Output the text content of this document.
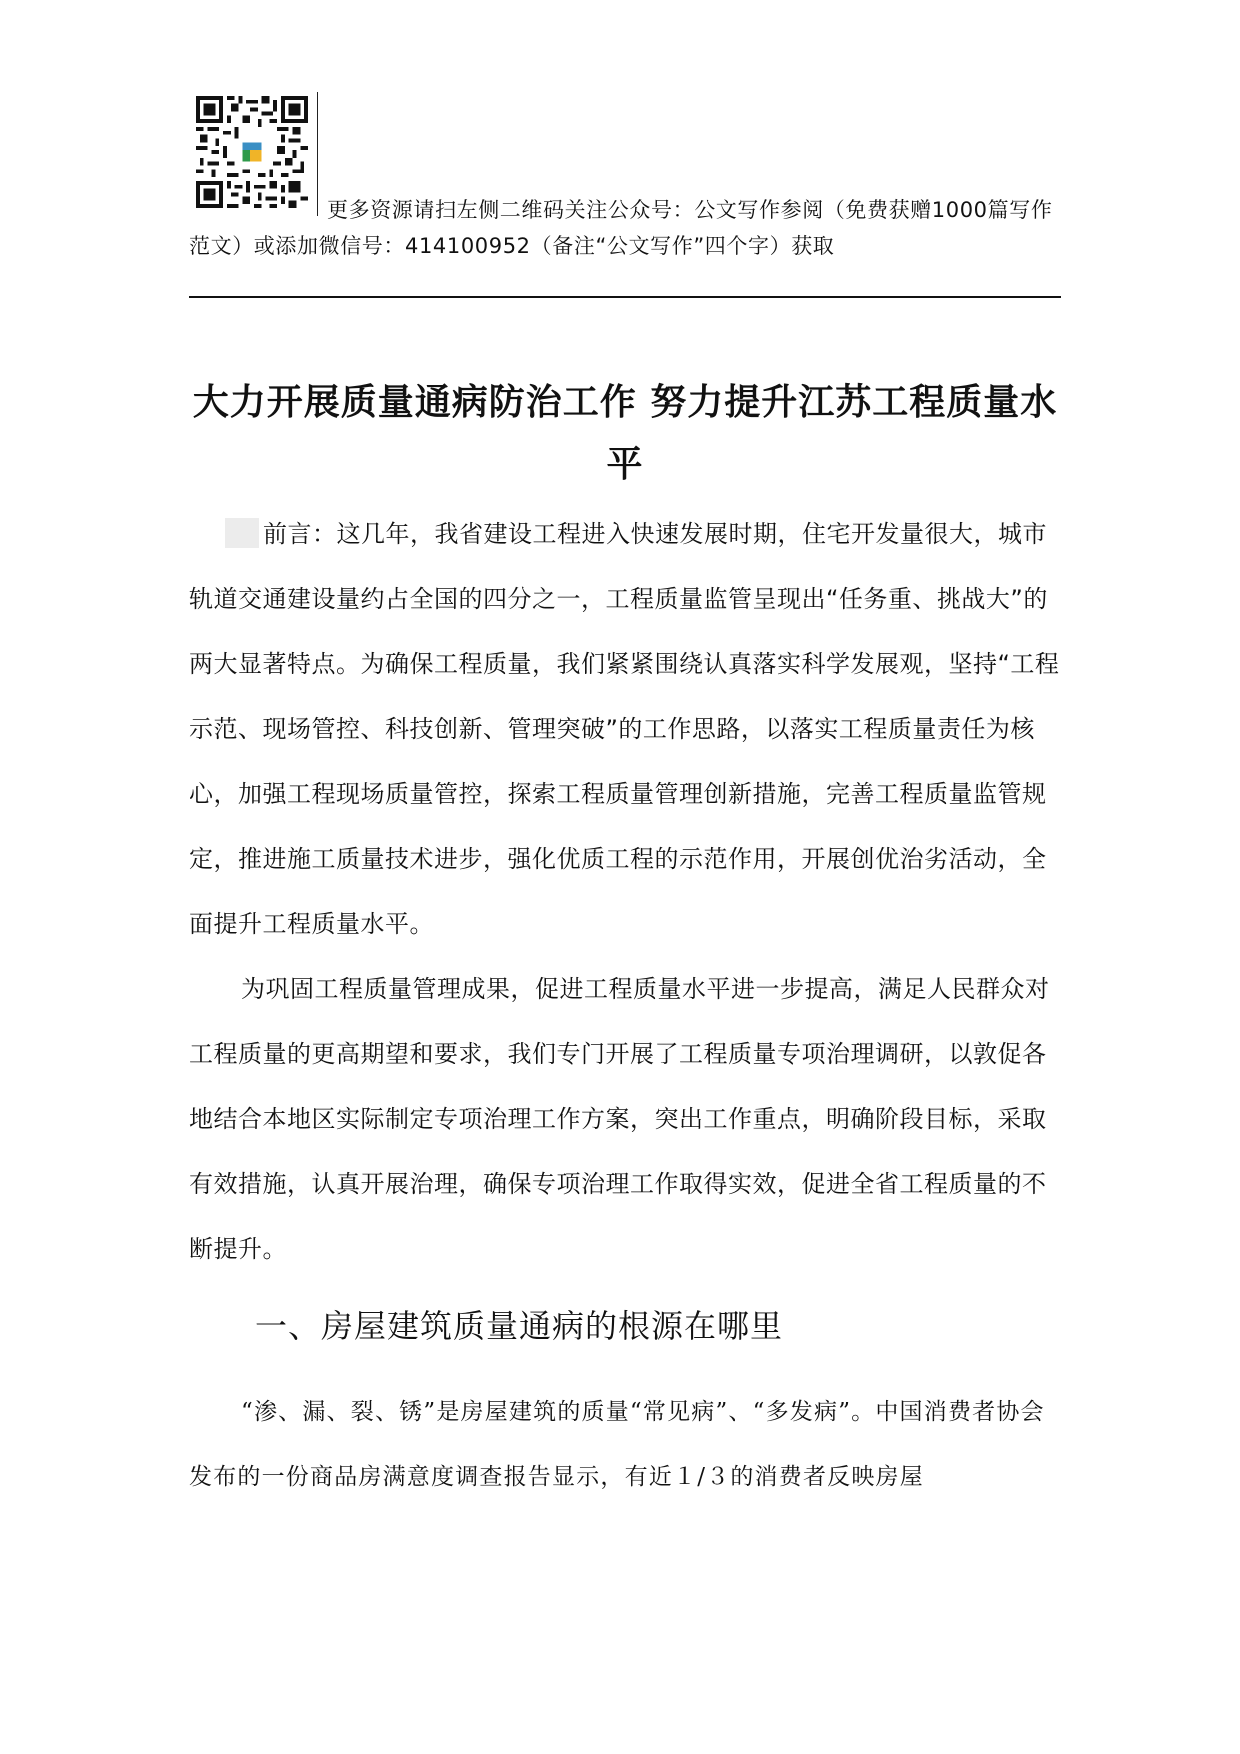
更多资源请扫左侧二维码关注公众号：公文写作参阅（免费获赠1000篇写作范文）或添加微信号：414100952（备注“公文写作”四个字）获取
大力开展质量通病防治工作 努力提升江苏工程质量水平

前言：这几年，我省建设工程进入快速发展时期，住宅开发量很大，城市轨道交通建设量约占全国的四分之一，工程质量监管呈现出“任务重、挑战大”的两大显著特点。为确保工程质量，我们紧紧围绕认真落实科学发展观，坚持“工程示范、现场管控、科技创新、管理突破”的工作思路，以落实工程质量责任为核心，加强工程现场质量管控，探索工程质量管理创新措施，完善工程质量监管规定，推进施工质量技术进步，强化优质工程的示范作用，开展创优治劣活动，全面提升工程质量水平。

为巩固工程质量管理成果，促进工程质量水平进一步提高，满足人民群众对工程质量的更高期望和要求，我们专门开展了工程质量专项治理调研，以敦促各地结合本地区实际制定专项治理工作方案，突出工作重点，明确阶段目标，采取有效措施，认真开展治理，确保专项治理工作取得实效，促进全省工程质量的不断提升。

一、房屋建筑质量通病的根源在哪里

“渗、漏、裂、锈”是房屋建筑的质量“常见病”、“多发病”。中国消费者协会发布的一份商品房满意度调查报告显示，有近１/３的消费者反映房屋
